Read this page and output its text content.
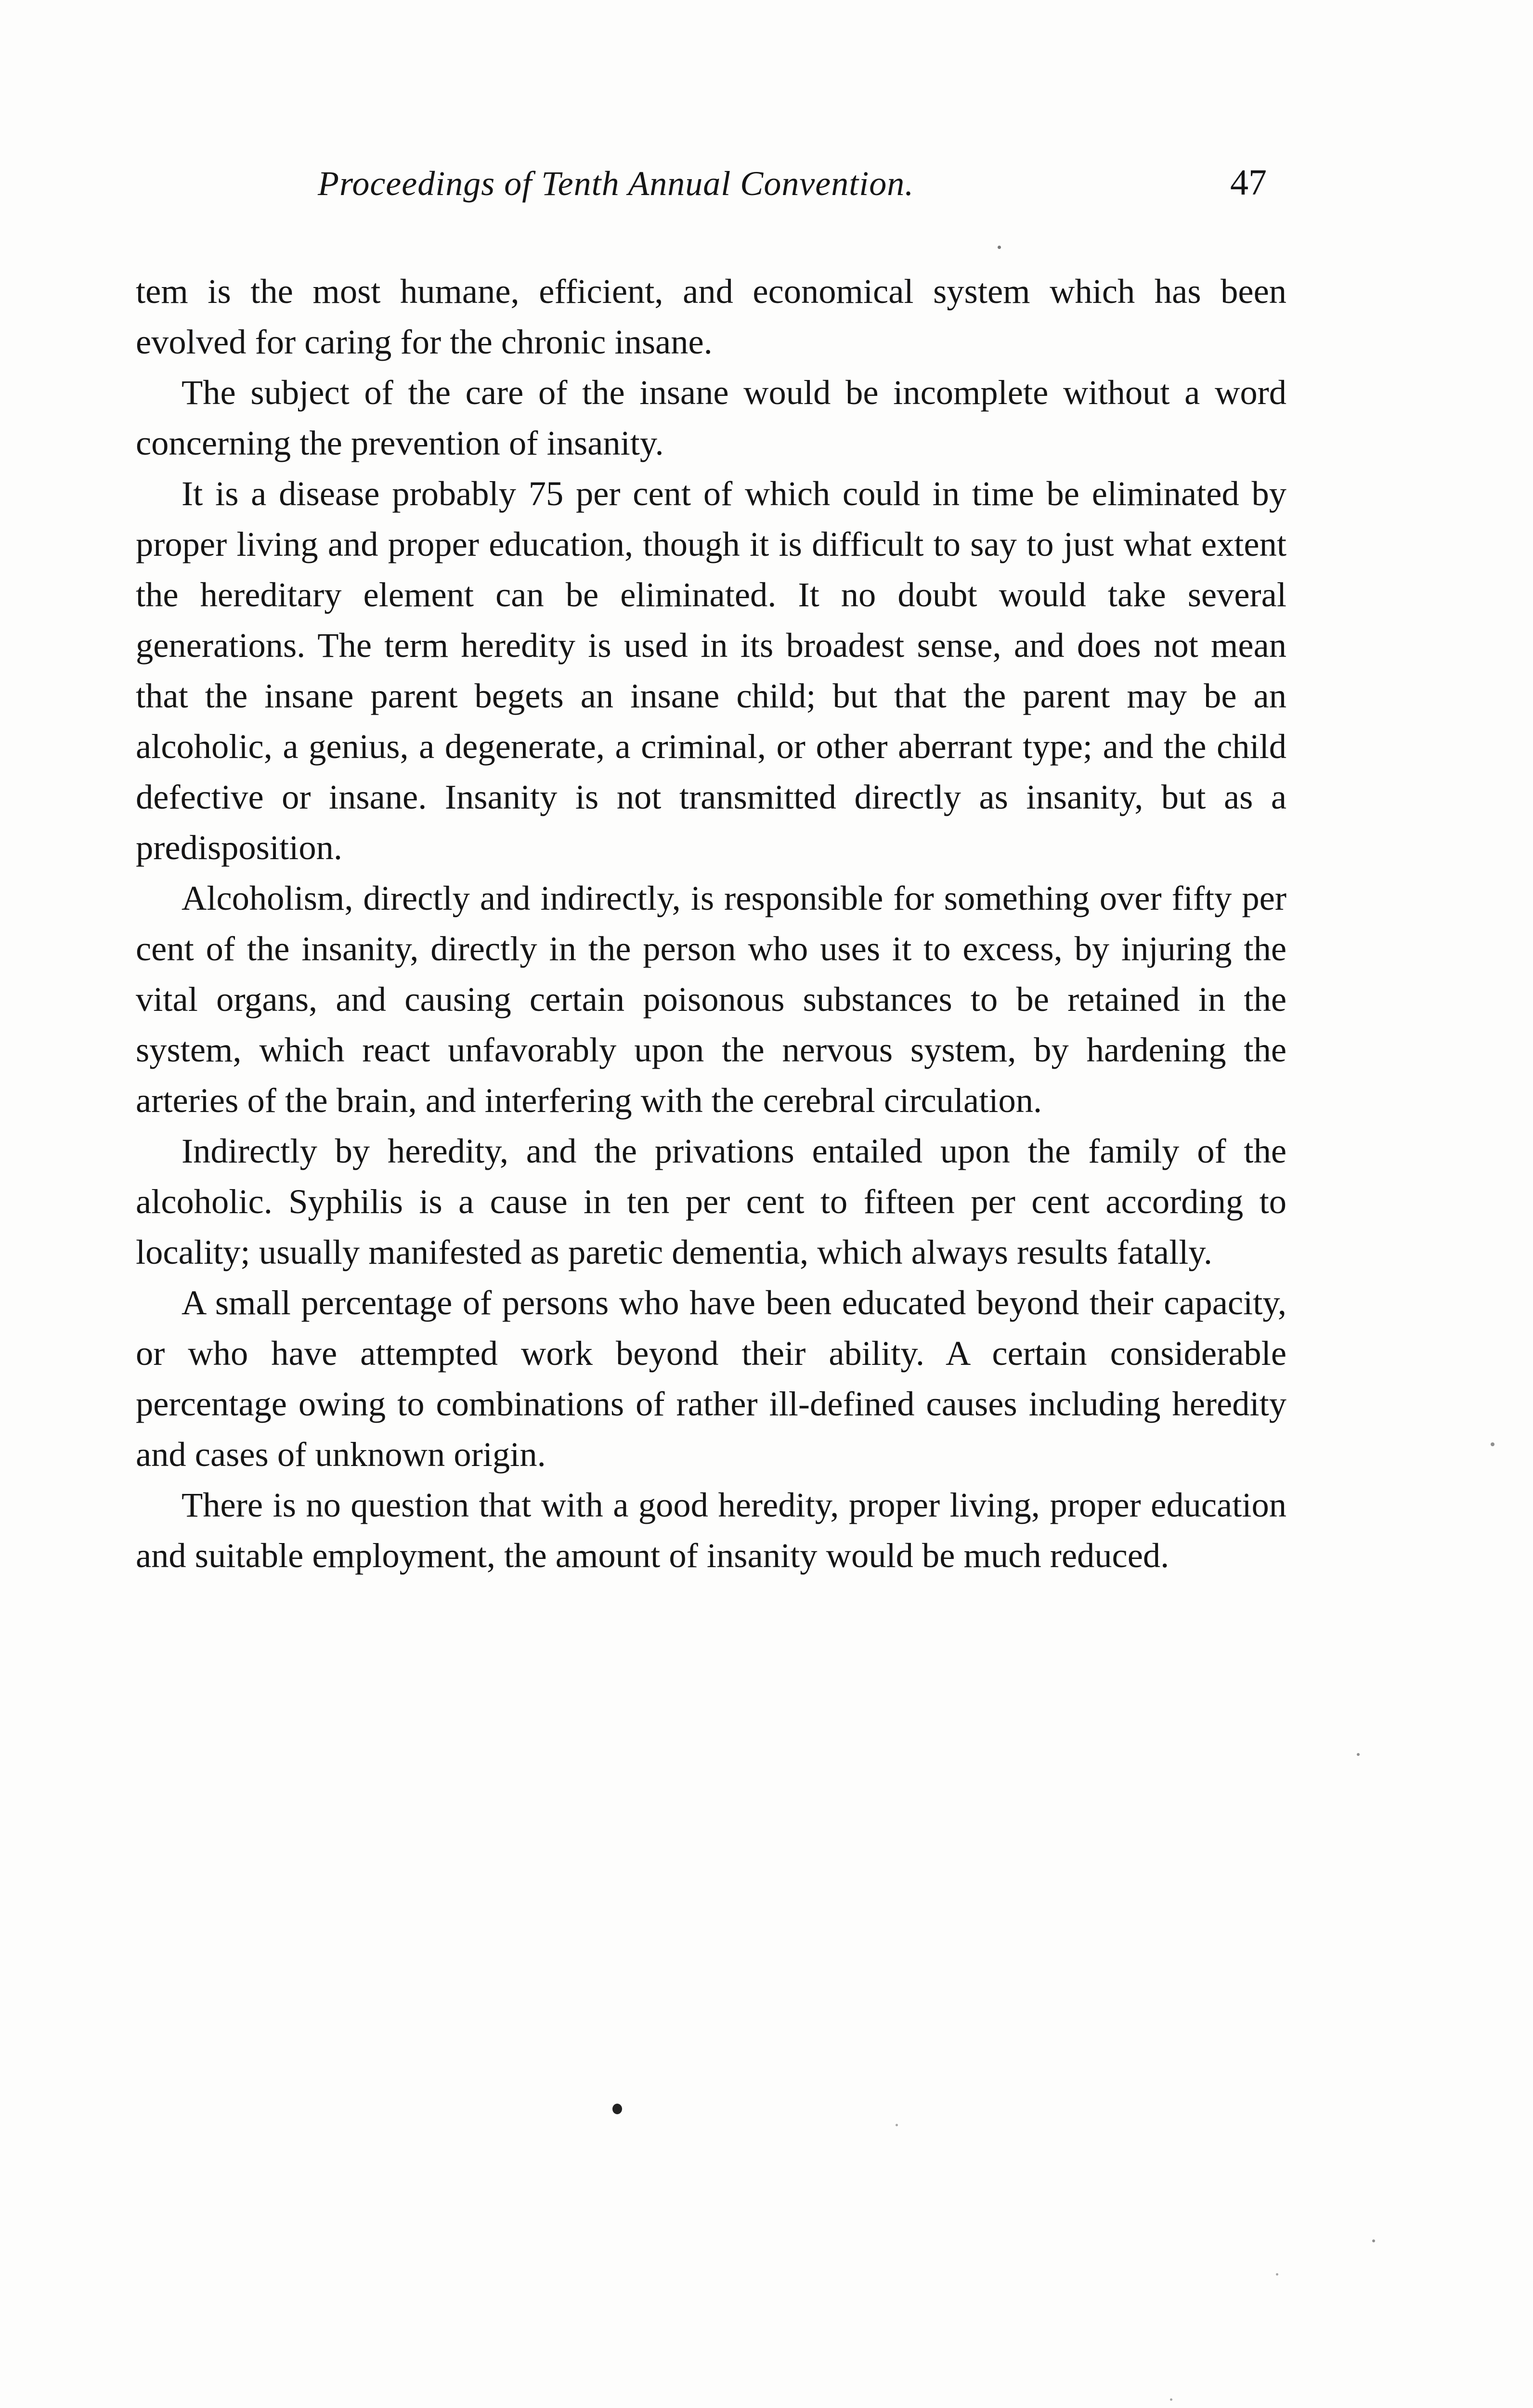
Proceedings of Tenth Annual Convention.	47

tem is the most humane, efficient, and economical system which has been evolved for caring for the chronic insane.

The subject of the care of the insane would be incomplete without a word concerning the prevention of insanity.

It is a disease probably 75 per cent of which could in time be eliminated by proper living and proper education, though it is difficult to say to just what extent the hereditary element can be eliminated. It no doubt would take several generations. The term heredity is used in its broadest sense, and does not mean that the insane parent begets an insane child; but that the parent may be an alcoholic, a genius, a degenerate, a criminal, or other aberrant type; and the child defective or insane. Insanity is not transmitted directly as insanity, but as a predisposition.

Alcoholism, directly and indirectly, is responsible for something over fifty per cent of the insanity, directly in the person who uses it to excess, by injuring the vital organs, and causing certain poisonous substances to be retained in the system, which react unfavorably upon the nervous system, by hardening the arteries of the brain, and interfering with the cerebral circulation.

Indirectly by heredity, and the privations entailed upon the family of the alcoholic. Syphilis is a cause in ten per cent to fifteen per cent according to locality; usually manifested as paretic dementia, which always results fatally.

A small percentage of persons who have been educated beyond their capacity, or who have attempted work beyond their ability. A certain considerable percentage owing to combinations of rather ill-defined causes including heredity and cases of unknown origin.

There is no question that with a good heredity, proper living, proper education and suitable employment, the amount of insanity would be much reduced.
